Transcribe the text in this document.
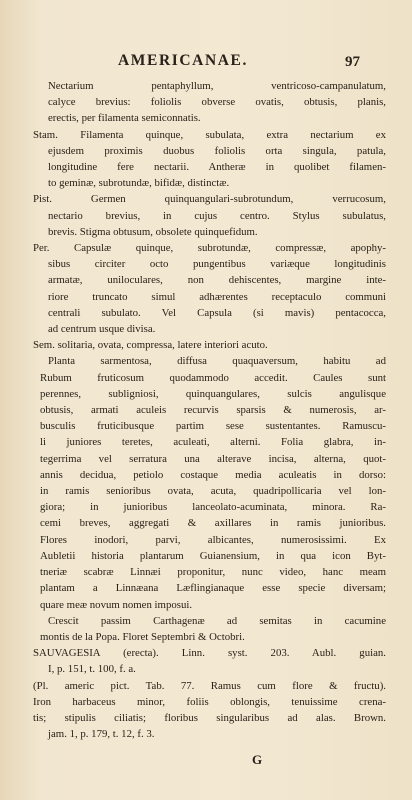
AMERICANAE.	97
Nectarium pentaphyllum, ventricoso-campanulatum,
calyce brevius: foliolis obverse ovatis, obtusis, planis,
erectis, per filamenta semiconnatis.
Stam. Filamenta quinque, subulata, extra nectarium ex
ejusdem proximis duobus foliolis orta singula, patula,
longitudine fere nectarii. Antheræ in quolibet filamen-
to geminæ, subrotundæ, bifidæ, distinctæ.
Pist. Germen quinquangulari-subrotundum, verrucosum,
nectario brevius, in cujus centro. Stylus subulatus,
brevis. Stigma obtusum, obsolete quinquefidum.
Per. Capsulæ quinque, subrotundæ, compressæ, apophy-
sibus circiter octo pungentibus variæque longitudinis
armatæ, uniloculares, non dehiscentes, margine inte-
riore truncato simul adhærentes receptaculo communi
centrali subulato. Vel Capsula (si mavis) pentacocca,
ad centrum usque divisa.
Sem. solitaria, ovata, compressa, latere interiori acuto.
Planta sarmentosa, diffusa quaquaversum, habitu ad
Rubum fruticosum quodammodo accedit. Caules sunt
perennes, subligniosi, quinquangulares, sulcis angulisque
obtusis, armati aculeis recurvis sparsis & numerosis, ar-
busculis fruticibusque partim sese sustentantes. Ramuscu-
li juniores teretes, aculeati, alterni. Folia glabra, in-
tegerrima vel serratura una alterave incisa, alterna, quot-
annis decidua, petiolo costaque media aculeatis in dorso:
in ramis senioribus ovata, acuta, quadripollicaria vel lon-
giora; in junioribus lanceolato-acuminata, minora. Ra-
cemi breves, aggregati & axillares in ramis junioribus.
Flores inodori, parvi, albicantes, numerosissimi. Ex
Aubletii historia plantarum Guianensium, in qua icon Byt-
tneriæ scabræ Linnæi proponitur, nunc video, hanc meam
plantam a Linnæana Læflingianaque esse specie diversam;
quare meæ novum nomen imposui.
Crescit passim Carthagenæ ad semitas in cacumine
montis de la Popa. Floret Septembri & Octobri.
SAUVAGESIA (erecta). Linn. syst. 203. Aubl. guian.
I, p. 151, t. 100, f. a.
(Pl. americ pict. Tab. 77. Ramus cum flore & fructu).
Iron harbaceus minor, foliis oblongis, tenuissime crena-
tis; stipulis ciliatis; floribus singularibus ad alas. Brown.
jam. 1, p. 179, t. 12, f. 3.
G
